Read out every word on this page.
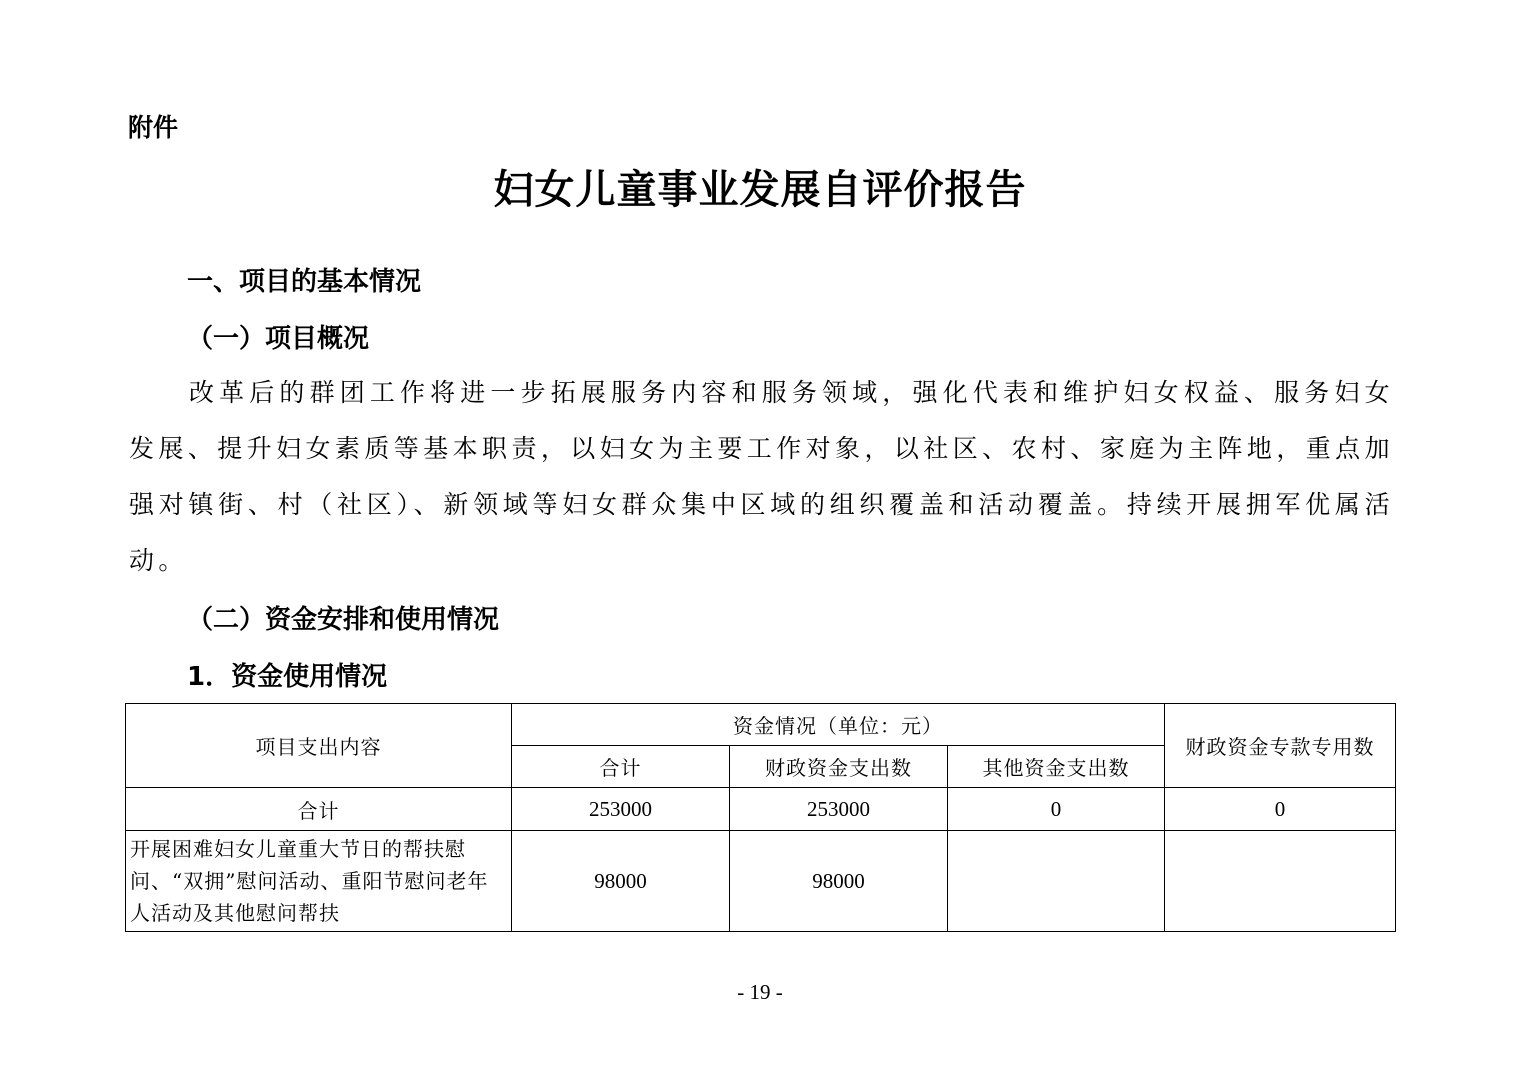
附件
妇女儿童事业发展自评价报告
一、项目的基本情况
（一）项目概况
改革后的群团工作将进一步拓展服务内容和服务领域，强化代表和维护妇女权益、服务妇女发展、提升妇女素质等基本职责，以妇女为主要工作对象，以社区、农村、家庭为主阵地，重点加强对镇街、村（社区）、新领域等妇女群众集中区域的组织覆盖和活动覆盖。持续开展拥军优属活动。
（二）资金安排和使用情况
1．资金使用情况
项目支出内容	资金情况（单位：元）			财政资金专款专用数
	合计	财政资金支出数	其他资金支出数	
合计	253000	253000	0	0
开展困难妇女儿童重大节日的帮扶慰问、“双拥”慰问活动、重阳节慰问老年人活动及其他慰问帮扶	98000	98000		
- 19 -
